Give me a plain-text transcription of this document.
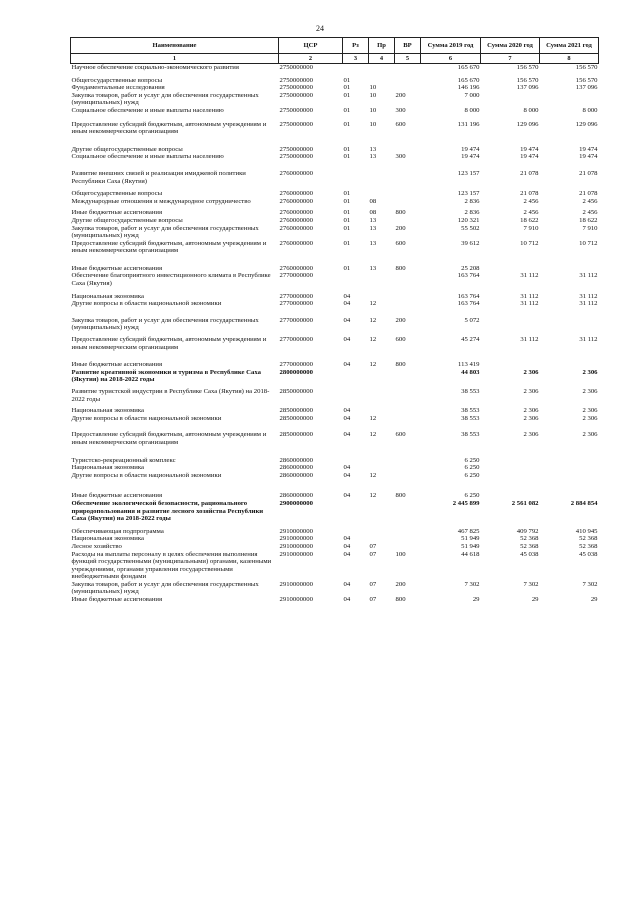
24
Наименование	ЦСР	Рз	Пр	ВР	Сумма 2019 год	Сумма 2020 год	Сумма 2021 год
1	2	3	4	5	6	7	8
Научное обеспечение социально-экономического развития	2750000000				165 670	156 570	156 570
Общегосударственные вопросы	2750000000	01			165 670	156 570	156 570
Фундаментальные исследования	2750000000	01	10		146 196	137 096	137 096
Закупка товаров, работ и услуг для обеспечения государственных (муниципальных) нужд	2750000000	01	10	200	7 000		
Социальное обеспечение и иные выплаты населению	2750000000	01	10	300	8 000	8 000	8 000
Предоставление субсидий бюджетным, автономным учреждениям и иным некоммерческим организациям	2750000000	01	10	600	131 196	129 096	129 096
Другие общегосударственные вопросы	2750000000	01	13		19 474	19 474	19 474
Социальное обеспечение и иные выплаты населению	2750000000	01	13	300	19 474	19 474	19 474
Развитие внешних связей и реализация имиджевой политики Республики Саха (Якутия)	2760000000				123 157	21 078	21 078
Общегосударственные вопросы	2760000000	01			123 157	21 078	21 078
Международные отношения и международное сотрудничество	2760000000	01	08		2 836	2 456	2 456
Иные бюджетные ассигнования	2760000000	01	08	800	2 836	2 456	2 456
Другие общегосударственные вопросы	2760000000	01	13		120 321	18 622	18 622
Закупка товаров, работ и услуг для обеспечения государственных (муниципальных) нужд	2760000000	01	13	200	55 502	7 910	7 910
Предоставление субсидий бюджетным, автономным учреждениям и иным некоммерческим организациям	2760000000	01	13	600	39 612	10 712	10 712
Иные бюджетные ассигнования	2760000000	01	13	800	25 208		
Обеспечение благоприятного инвестиционного климата в Республике Саха (Якутия)	2770000000				163 764	31 112	31 112
Национальная экономика	2770000000	04			163 764	31 112	31 112
Другие вопросы в области национальной экономики	2770000000	04	12		163 764	31 112	31 112
Закупка товаров, работ и услуг для обеспечения государственных (муниципальных) нужд	2770000000	04	12	200	5 072		
Предоставление субсидий бюджетным, автономным учреждениям и иным некоммерческим организациям	2770000000	04	12	600	45 274	31 112	31 112
Иные бюджетные ассигнования	2770000000	04	12	800	113 419		
Развитие креативной экономики и туризма в Республике Саха (Якутия) на 2018-2022 годы	2800000000				44 803	2 306	2 306
Развитие туристской индустрии в Республике Саха (Якутия) на 2018-2022 годы	2850000000				38 553	2 306	2 306
Национальная экономика	2850000000	04			38 553	2 306	2 306
Другие вопросы в области национальной экономики	2850000000	04	12		38 553	2 306	2 306
Предоставление субсидий бюджетным, автономным учреждениям и иным некоммерческим организациям	2850000000	04	12	600	38 553	2 306	2 306
Туристско-рекреационный комплекс	2860000000				6 250		
Национальная экономика	2860000000	04			6 250		
Другие вопросы в области национальной экономики	2860000000	04	12		6 250		
Иные бюджетные ассигнования	2860000000	04	12	800	6 250		
Обеспечение экологической безопасности, рационального природопользования и развитие лесного хозяйства Республики Саха (Якутия) на 2018-2022 годы	2900000000				2 445 899	2 561 082	2 884 854
Обеспечивающая подпрограмма	2910000000				467 825	409 792	410 945
Национальная экономика	2910000000	04			51 949	52 368	52 368
Лесное хозяйство	2910000000	04	07		51 949	52 368	52 368
Расходы на выплаты персоналу в целях обеспечения выполнения функций государственными (муниципальными) органами, казенными учреждениями, органами управления государственными внебюджетными фондами	2910000000	04	07	100	44 618	45 038	45 038
Закупка товаров, работ и услуг для обеспечения государственных (муниципальных) нужд	2910000000	04	07	200	7 302	7 302	7 302
Иные бюджетные ассигнования	2910000000	04	07	800	29	29	29
